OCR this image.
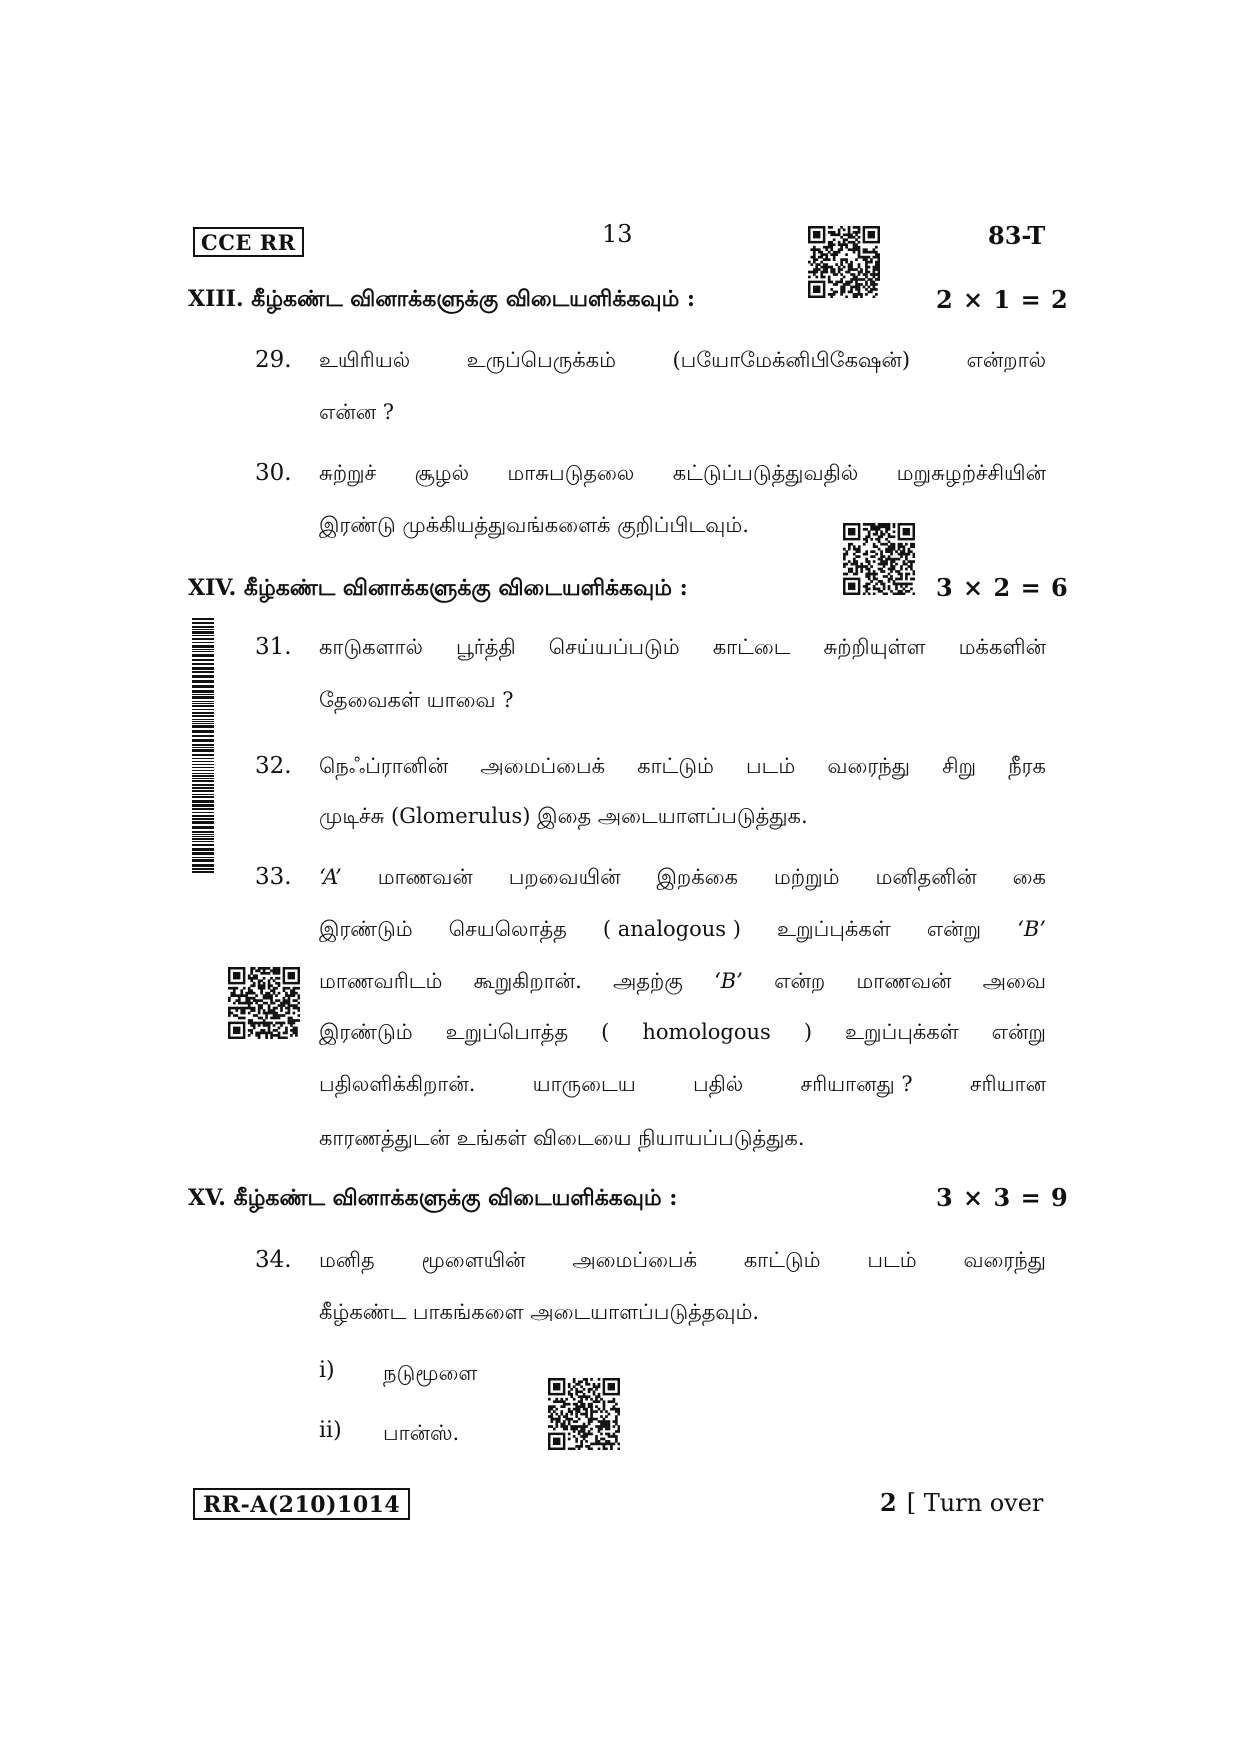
CCE RR	13	83-T
XIII. கீழ்கண்ட வினாக்களுக்கு விடையளிக்கவும் :	2 × 1 = 2
29. உயிரியல்	உருப்பெருக்கம்	(பயோமேக்னிபிகேஷன்)	என்றால்
என்ன ?
30. சுற்றுச் சூழல் மாசுபடுதலை கட்டுப்படுத்துவதில் மறுசுழற்ச்சியின்
இரண்டு முக்கியத்துவங்களைக் குறிப்பிடவும்.
XIV. கீழ்கண்ட வினாக்களுக்கு விடையளிக்கவும் :	3 × 2 = 6
31. காடுகளால் பூர்த்தி செய்யப்படும் காட்டை சுற்றியுள்ள மக்களின்
தேவைகள் யாவை ?
32. நெஃப்ரானின் அமைப்பைக் காட்டும் படம் வரைந்து சிறு நீரக
முடிச்சு (Glomerulus) இதை அடையாளப்படுத்துக.
33. ‘A’ மாணவன் பறவையின் இறக்கை மற்றும் மனிதனின் கை
இரண்டும் செயலொத்த ( analogous ) உறுப்புக்கள் என்று ‘B’
மாணவரிடம் கூறுகிறான். அதற்கு ‘B’ என்ற மாணவன் அவை
இரண்டும் உறுப்பொத்த ( homologous ) உறுப்புக்கள் என்று
பதிலளிக்கிறான்.	யாருடைய	பதில்	சரியானது ?	சரியான
காரணத்துடன் உங்கள் விடையை நியாயப்படுத்துக.
XV. கீழ்கண்ட வினாக்களுக்கு விடையளிக்கவும் :	3 × 3 = 9
34. மனித மூளையின் அமைப்பைக் காட்டும் படம் வரைந்து
கீழ்கண்ட பாகங்களை அடையாளப்படுத்தவும்.
i) நடுமூளை
ii) பான்ஸ்.
RR-A(210)1014	2 [ Turn over
